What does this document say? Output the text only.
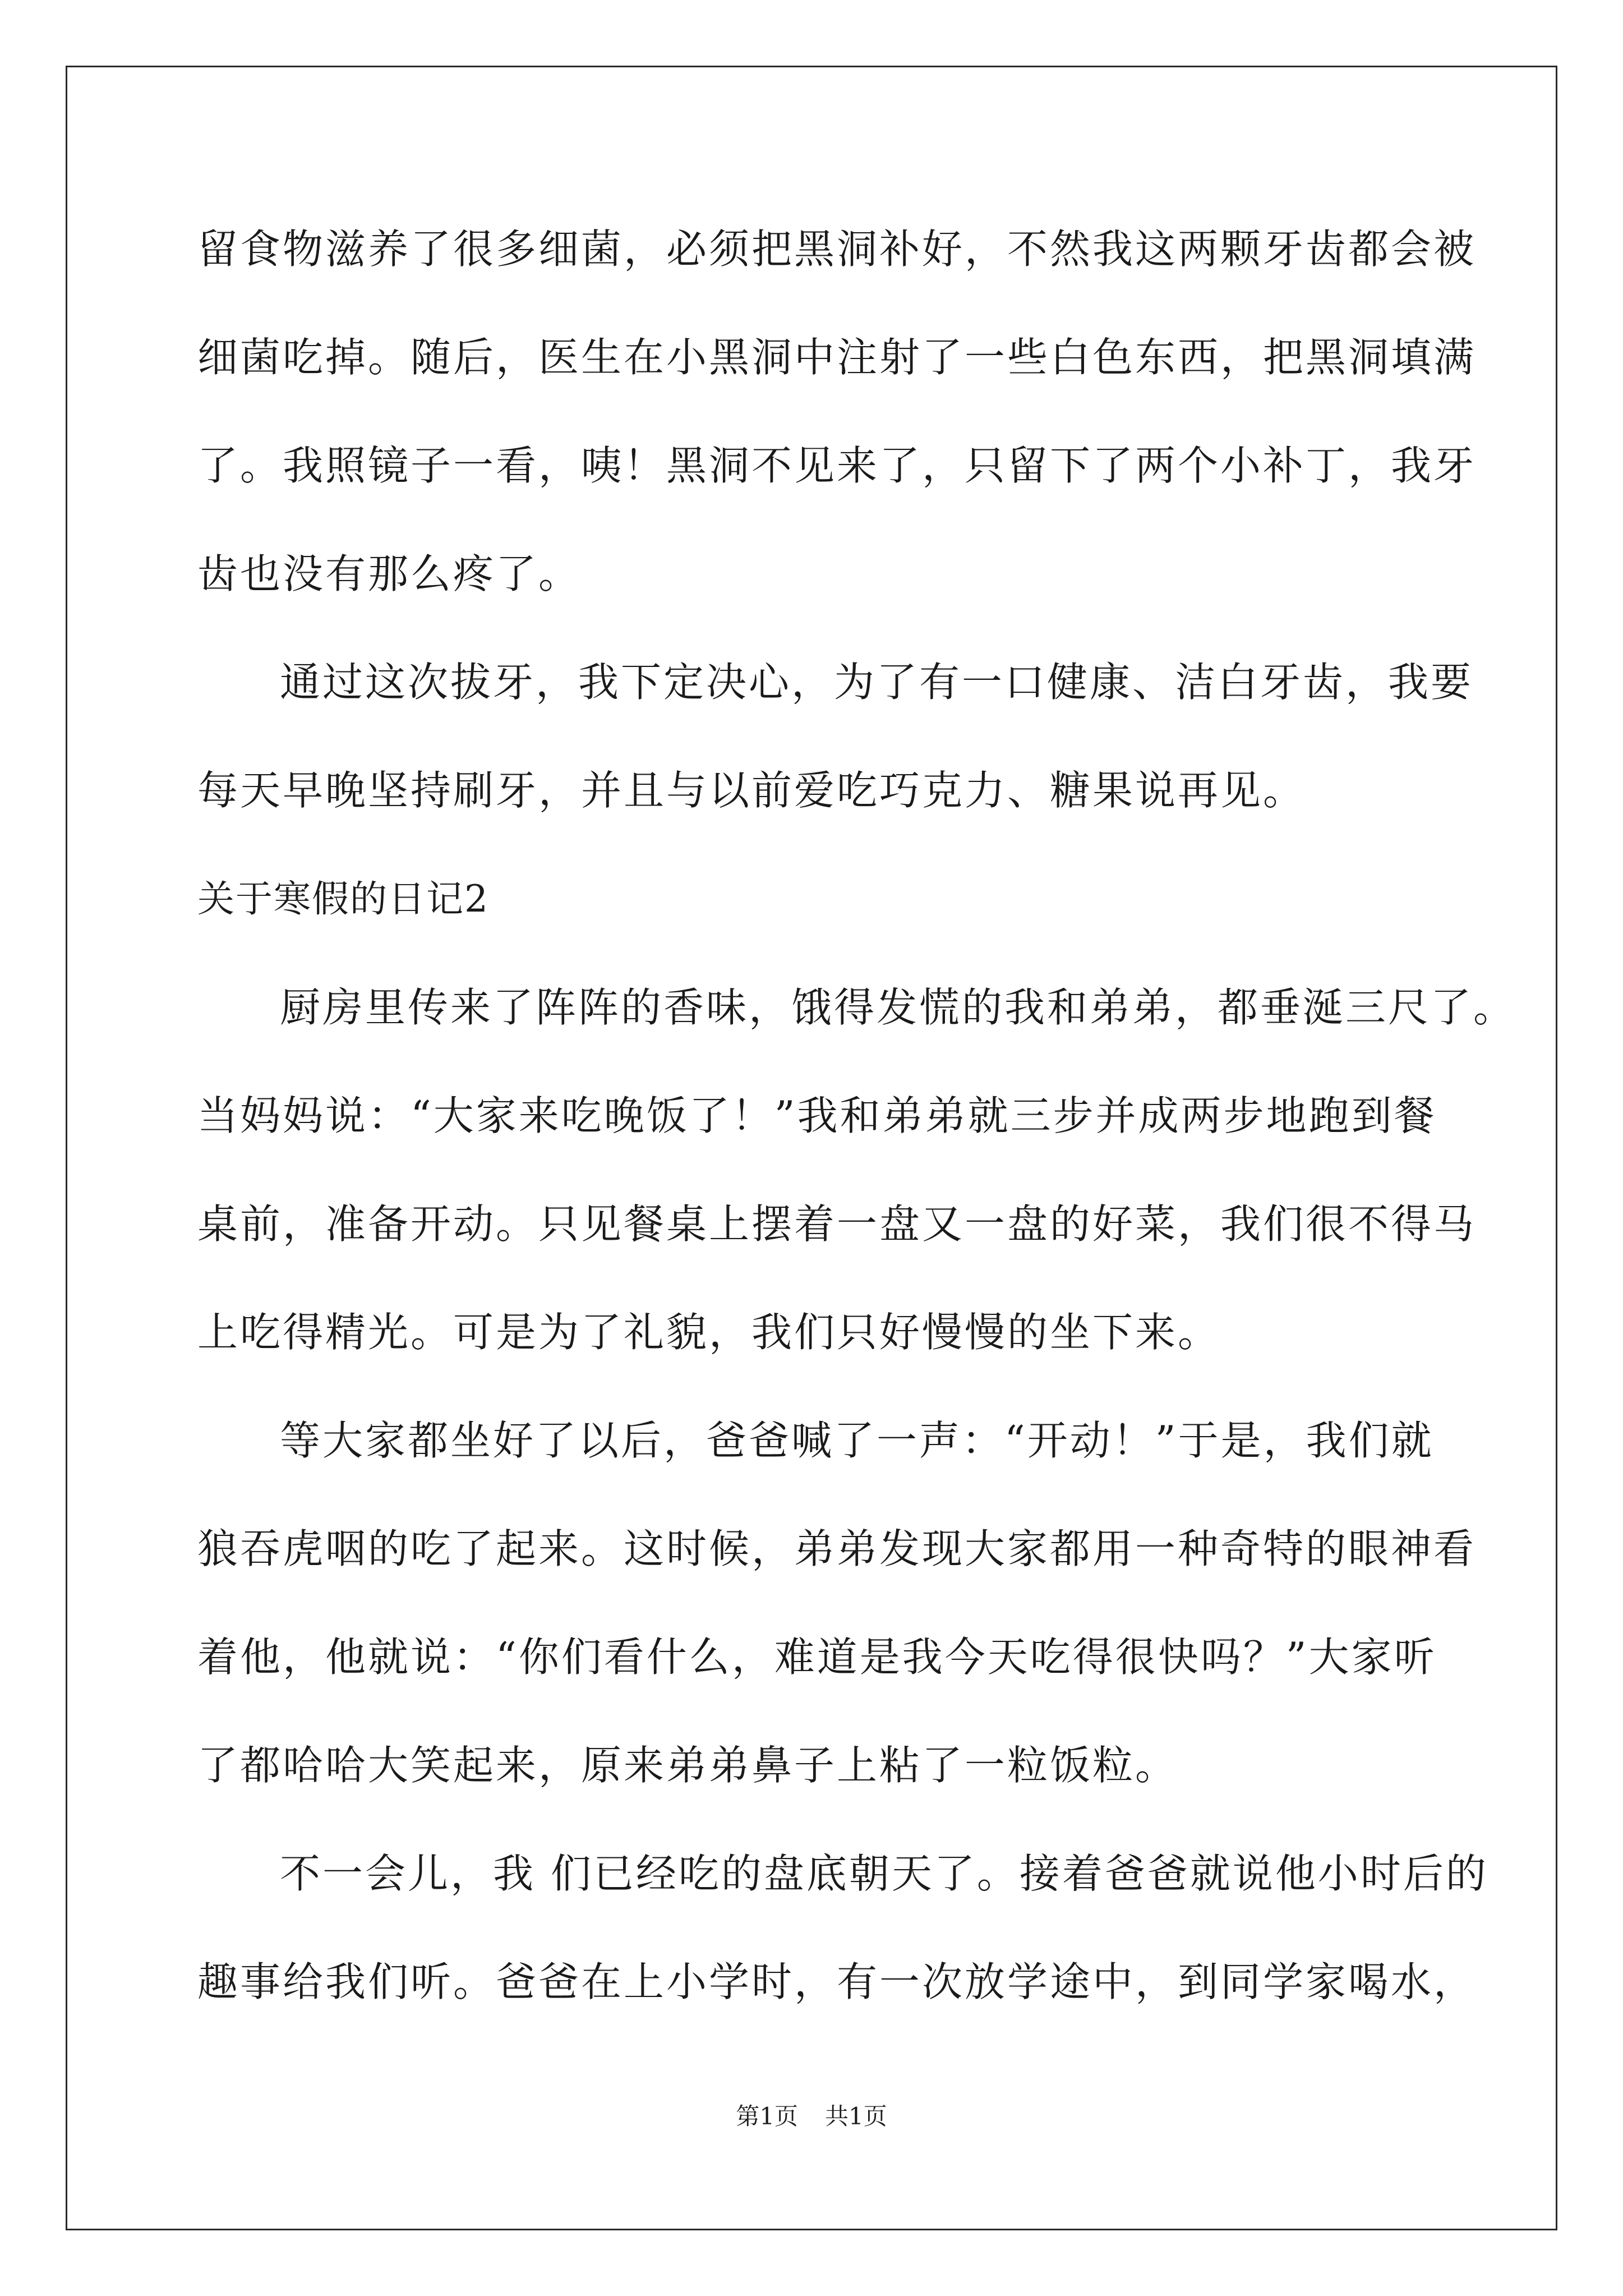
留食物滋养了很多细菌，必须把黑洞补好，不然我这两颗牙齿都会被
细菌吃掉。随后，医生在小黑洞中注射了一些白色东西，把黑洞填满
了。我照镜子一看，咦！黑洞不见来了，只留下了两个小补丁，我牙
齿也没有那么疼了。
通过这次拔牙，我下定决心，为了有一口健康、洁白牙齿，我要
每天早晚坚持刷牙，并且与以前爱吃巧克力、糖果说再见。
关于寒假的日记2
厨房里传来了阵阵的香味，饿得发慌的我和弟弟，都垂涎三尺了。
当妈妈说：“大家来吃晚饭了！”我和弟弟就三步并成两步地跑到餐
桌前，准备开动。只见餐桌上摆着一盘又一盘的好菜，我们很不得马
上吃得精光。可是为了礼貌，我们只好慢慢的坐下来。
等大家都坐好了以后，爸爸喊了一声：“开动！”于是，我们就
狼吞虎咽的吃了起来。这时候，弟弟发现大家都用一种奇特的眼神看
着他，他就说：“你们看什么，难道是我今天吃得很快吗？”大家听
了都哈哈大笑起来，原来弟弟鼻子上粘了一粒饭粒。
不一会儿，我 们已经吃的盘底朝天了。接着爸爸就说他小时后的
趣事给我们听。爸爸在上小学时，有一次放学途中，到同学家喝水，
第1页 共1页
